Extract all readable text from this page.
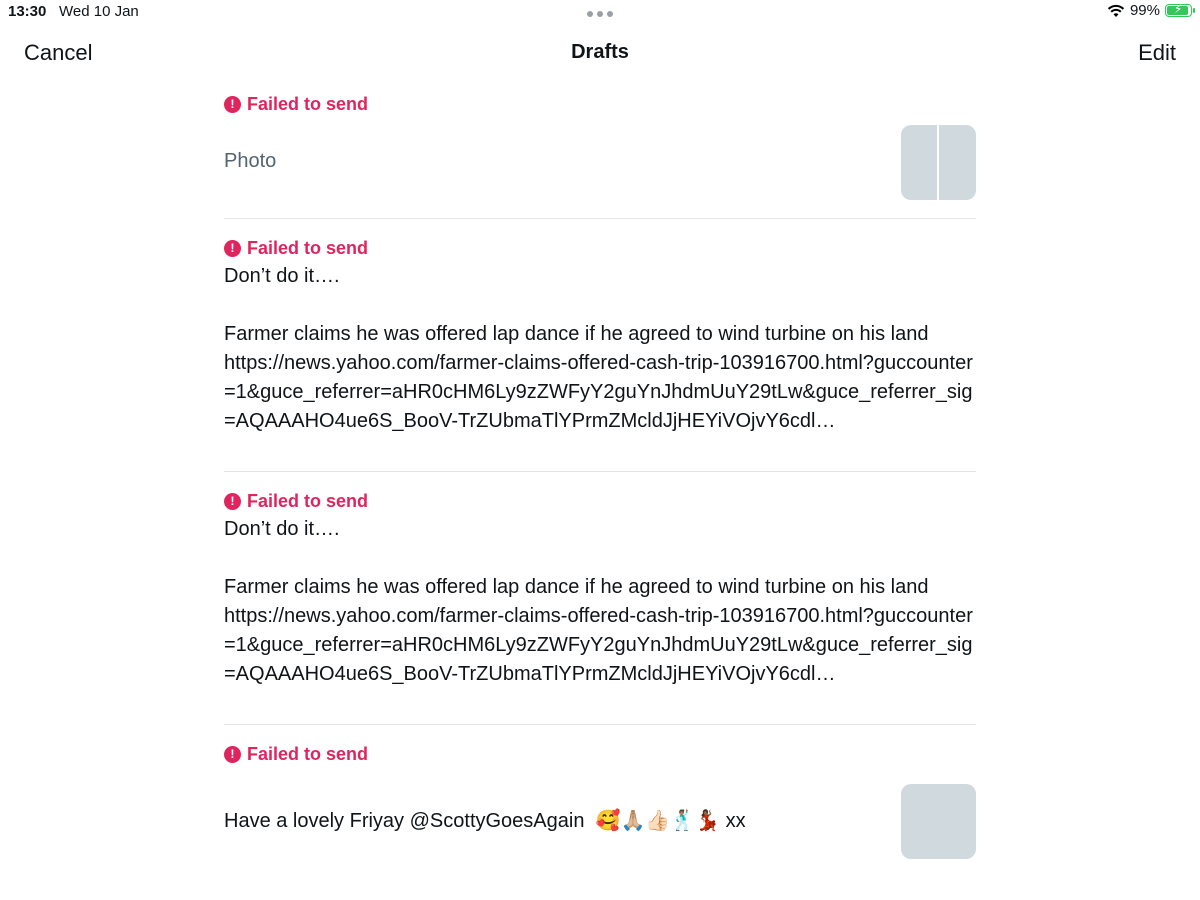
13:30 Wed 10 Jan	99% ⚡
Cancel	Drafts	Edit
! Failed to send
Photo
! Failed to send
Don’t do it….

Farmer claims he was offered lap dance if he agreed to wind turbine on his land
https://news.yahoo.com/farmer-claims-offered-cash-trip-103916700.html?guccounter=1&guce_referrer=aHR0cHM6Ly9zZWFyY2guYnJhdmUuY29tLw&guce_referrer_sig=AQAAAHO4ue6S_BooV-TrZUbmaTlYPrmZMcldJjHEYiVOjvY6cdl…
! Failed to send
Don’t do it….

Farmer claims he was offered lap dance if he agreed to wind turbine on his land
https://news.yahoo.com/farmer-claims-offered-cash-trip-103916700.html?guccounter=1&guce_referrer=aHR0cHM6Ly9zZWFyY2guYnJhdmUuY29tLw&guce_referrer_sig=AQAAAHO4ue6S_BooV-TrZUbmaTlYPrmZMcldJjHEYiVOjvY6cdl…
! Failed to send
Have a lovely Friyay @ScottyGoesAgain  🥰🙏🏼👍🏻🕺🏽💃🏾 xx
